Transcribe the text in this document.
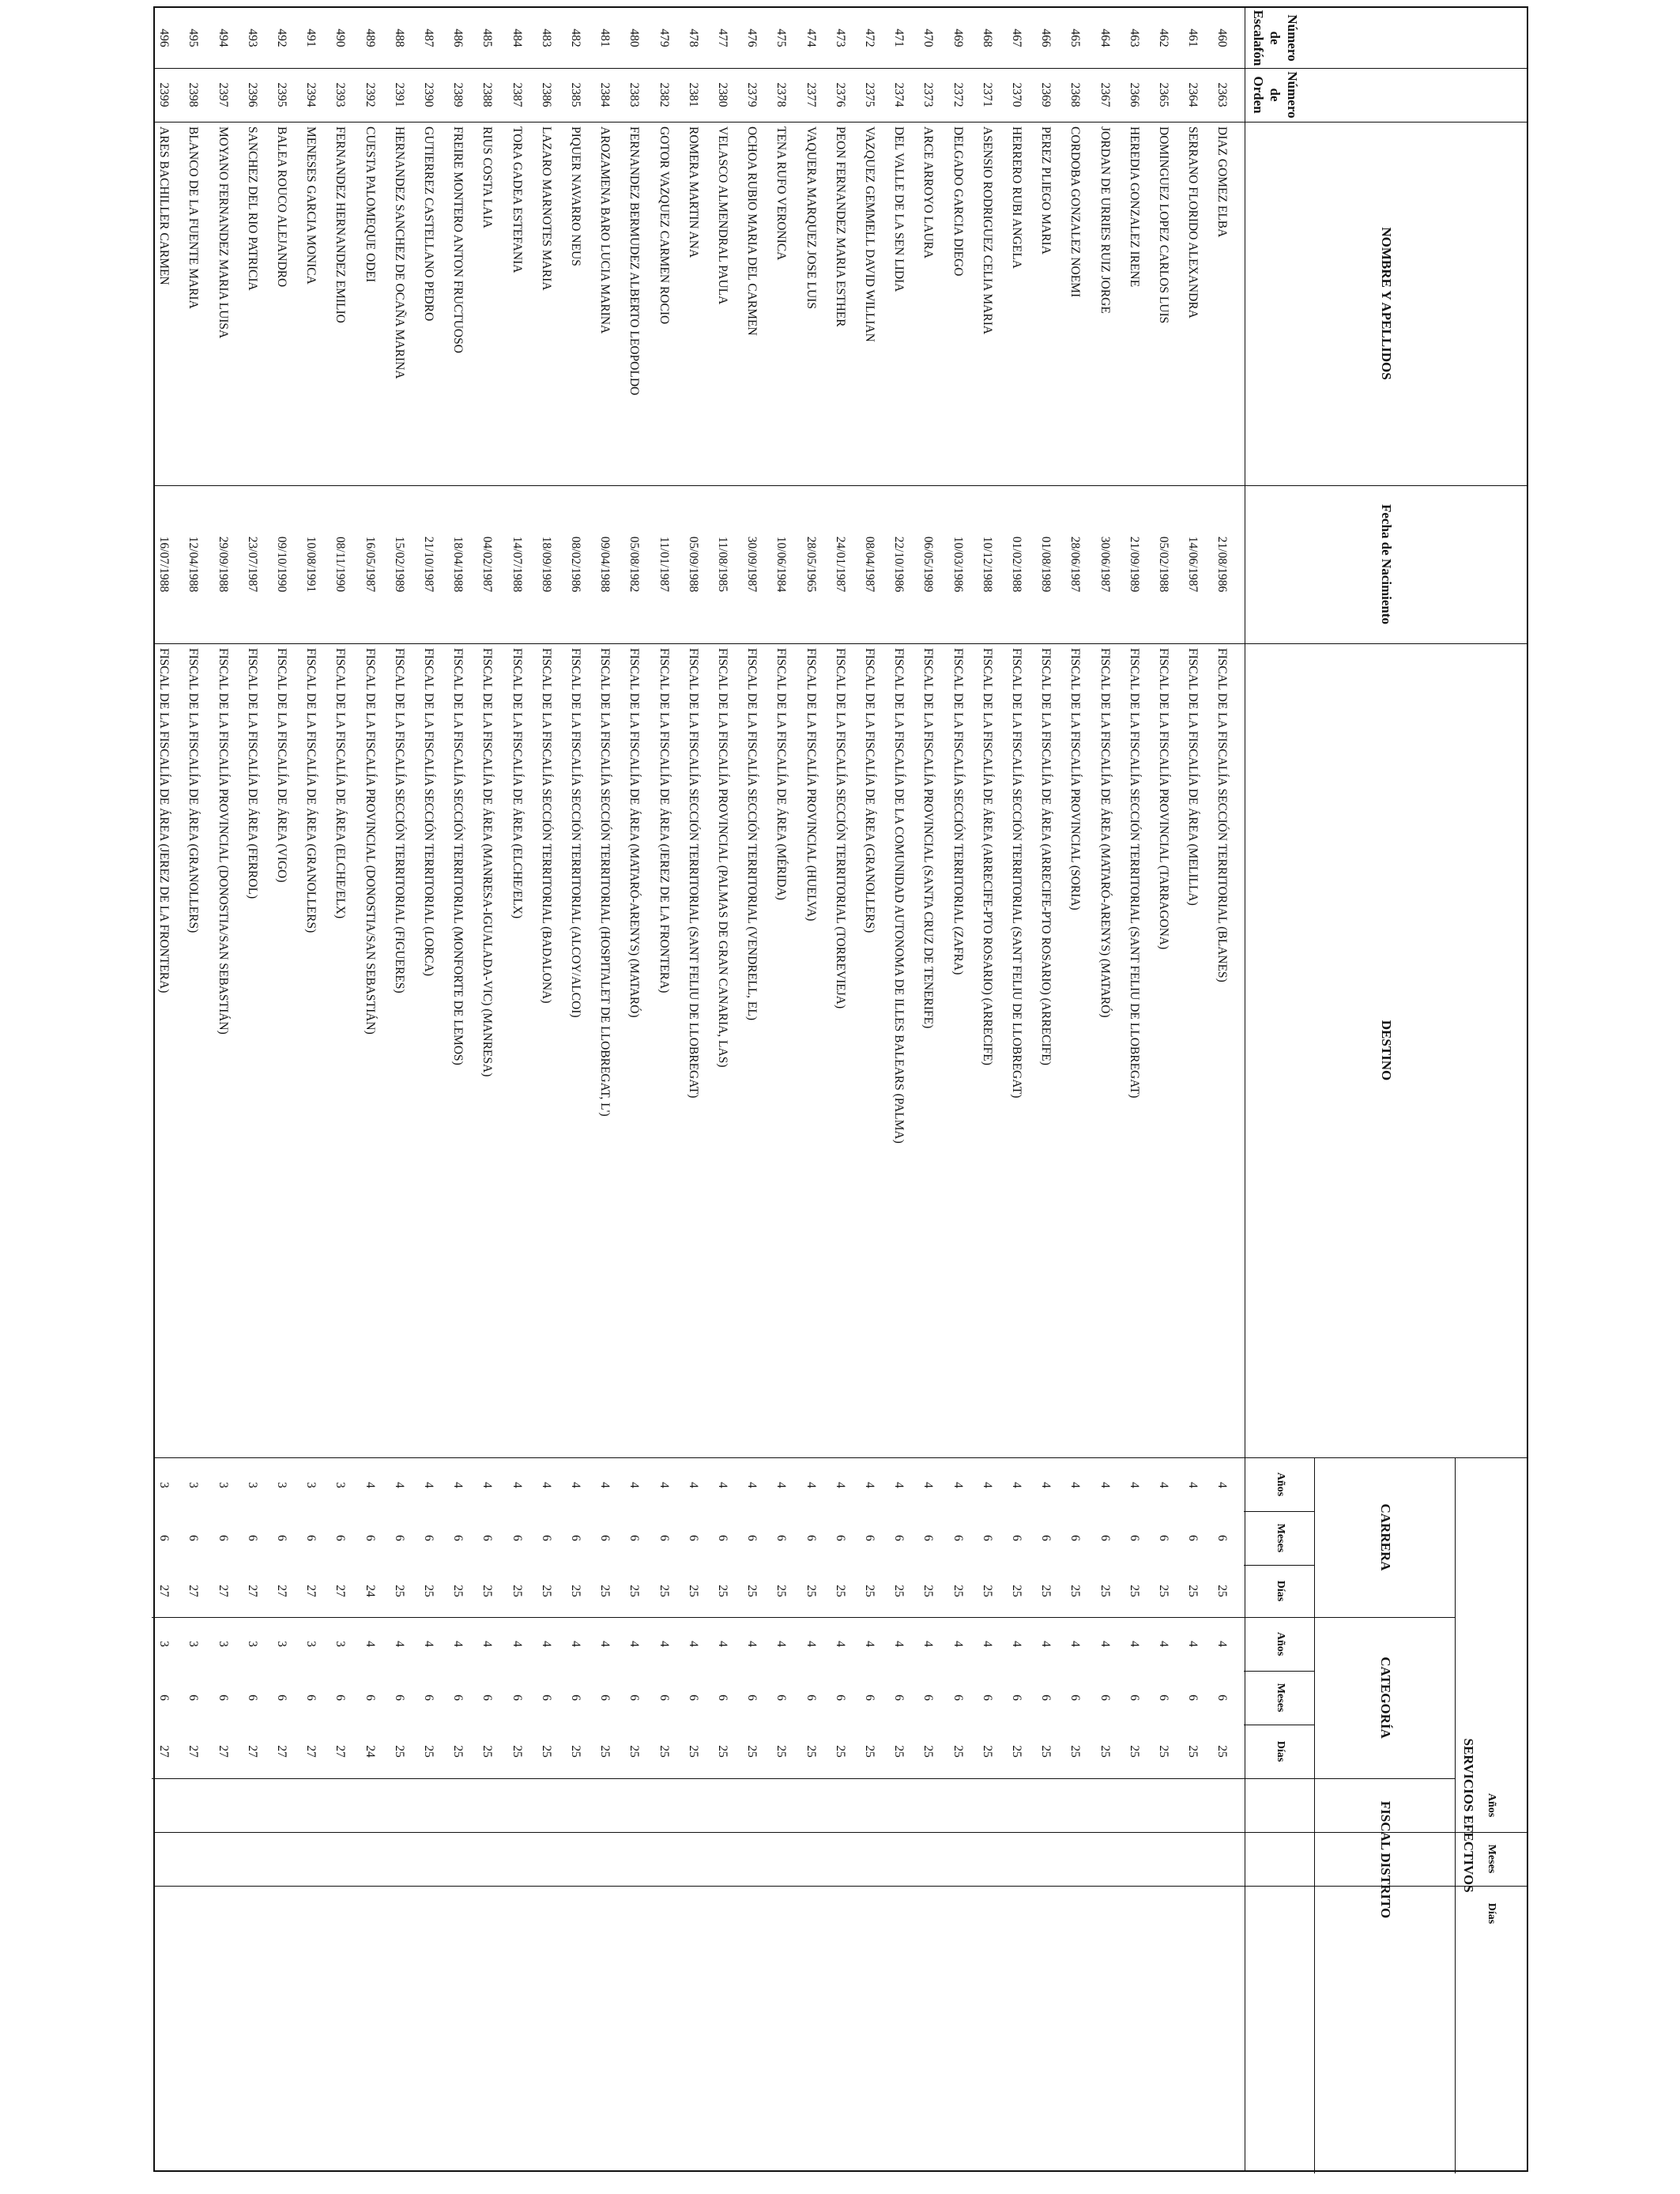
Número
de
Escalafón
Número
de
Orden
NOMBRE Y APELLIDOS
Fecha de Nacimiento
DESTINO
SERVICIOS EFECTIVOS
CARRERA
CATEGORÍA
FISCAL DISTRITO
Años
Meses
Días
Años
Meses
Días
Años
Meses
Días
460
2363
DIAZ GOMEZ ELBA
21/08/1986
FISCAL DE LA FISCALÍA SECCIÓN TERRITORIAL (BLANES)
4
6
25
4
6
25
461
2364
SERRANO FLORIDO ALEXANDRA
14/06/1987
FISCAL DE LA FISCALÍA DE ÁREA (MELILLA)
4
6
25
4
6
25
462
2365
DOMINGUEZ LOPEZ CARLOS LUIS
05/02/1988
FISCAL DE LA FISCALÍA PROVINCIAL (TARRAGONA)
4
6
25
4
6
25
463
2366
HEREDIA GONZALEZ IRENE
21/09/1989
FISCAL DE LA FISCALÍA SECCIÓN TERRITORIAL (SANT FELIU DE LLOBREGAT)
4
6
25
4
6
25
464
2367
JORDAN DE URRIES RUIZ JORGE
30/06/1987
FISCAL DE LA FISCALÍA DE ÁREA (MATARÓ-ARENYS) (MATARÓ)
4
6
25
4
6
25
465
2368
CORDOBA GONZALEZ NOEMI
28/06/1987
FISCAL DE LA FISCALÍA PROVINCIAL (SORIA)
4
6
25
4
6
25
466
2369
PEREZ PLIEGO MARIA
01/08/1989
FISCAL DE LA FISCALÍA DE ÁREA (ARRECIFE-PTO ROSARIO) (ARRECIFE)
4
6
25
4
6
25
467
2370
HERRERO RUBI ANGELA
01/02/1988
FISCAL DE LA FISCALÍA SECCIÓN TERRITORIAL (SANT FELIU DE LLOBREGAT)
4
6
25
4
6
25
468
2371
ASENSIO RODRIGUEZ CELIA MARIA
10/12/1988
FISCAL DE LA FISCALÍA DE ÁREA (ARRECIFE-PTO ROSARIO) (ARRECIFE)
4
6
25
4
6
25
469
2372
DELGADO GARCIA DIEGO
10/03/1986
FISCAL DE LA FISCALÍA SECCIÓN TERRITORIAL (ZAFRA)
4
6
25
4
6
25
470
2373
ARCE ARROYO LAURA
06/05/1989
FISCAL DE LA FISCALÍA PROVINCIAL (SANTA CRUZ DE TENERIFE)
4
6
25
4
6
25
471
2374
DEL VALLE DE LA SEN LIDIA
22/10/1986
FISCAL DE LA FISCALÍA DE LA COMUNIDAD AUTONOMA DE ILLES BALEARS (PALMA)
4
6
25
4
6
25
472
2375
VAZQUEZ GEMMELL DAVID WILLIAN
08/04/1987
FISCAL DE LA FISCALÍA DE ÁREA (GRANOLLERS)
4
6
25
4
6
25
473
2376
PEON FERNANDEZ MARIA ESTHER
24/01/1987
FISCAL DE LA FISCALÍA SECCIÓN TERRITORIAL (TORREVIEJA)
4
6
25
4
6
25
474
2377
VAQUERA MARQUEZ JOSE LUIS
28/05/1965
FISCAL DE LA FISCALÍA PROVINCIAL (HUELVA)
4
6
25
4
6
25
475
2378
TENA RUFO VERONICA
10/06/1984
FISCAL DE LA FISCALÍA DE ÁREA (MÉRIDA)
4
6
25
4
6
25
476
2379
OCHOA RUBIO MARIA DEL CARMEN
30/09/1987
FISCAL DE LA FISCALÍA SECCIÓN TERRITORIAL (VENDRELL, EL)
4
6
25
4
6
25
477
2380
VELASCO ALMENDRAL PAULA
11/08/1985
FISCAL DE LA FISCALÍA PROVINCIAL (PALMAS DE GRAN CANARIA, LAS)
4
6
25
4
6
25
478
2381
ROMERA MARTIN ANA
05/09/1988
FISCAL DE LA FISCALÍA SECCIÓN TERRITORIAL (SANT FELIU DE LLOBREGAT)
4
6
25
4
6
25
479
2382
GOTOR VAZQUEZ CARMEN ROCIO
11/01/1987
FISCAL DE LA FISCALÍA DE ÁREA (JEREZ DE LA FRONTERA)
4
6
25
4
6
25
480
2383
FERNANDEZ BERMUDEZ ALBERTO LEOPOLDO
05/08/1982
FISCAL DE LA FISCALÍA DE ÁREA (MATARÓ-ARENYS) (MATARÓ)
4
6
25
4
6
25
481
2384
AROZAMENA BARO LUCIA MARINA
09/04/1988
FISCAL DE LA FISCALÍA SECCIÓN TERRITORIAL (HOSPITALET DE LLOBREGAT, L')
4
6
25
4
6
25
482
2385
PIQUER NAVARRO NEUS
08/02/1986
FISCAL DE LA FISCALÍA SECCIÓN TERRITORIAL (ALCOY/ALCOI)
4
6
25
4
6
25
483
2386
LAZARO MARNOTES MARIA
18/09/1989
FISCAL DE LA FISCALÍA SECCIÓN TERRITORIAL (BADALONA)
4
6
25
4
6
25
484
2387
TORA GADEA ESTEFANIA
14/07/1988
FISCAL DE LA FISCALÍA DE ÁREA (ELCHE/ELX)
4
6
25
4
6
25
485
2388
RIUS COSTA LAIA
04/02/1987
FISCAL DE LA FISCALÍA DE ÁREA (MANRESA-IGUALADA-VIC) (MANRESA)
4
6
25
4
6
25
486
2389
FREIRE MONTERO ANTON FRUCTUOSO
18/04/1988
FISCAL DE LA FISCALÍA SECCIÓN TERRITORIAL (MONFORTE DE LEMOS)
4
6
25
4
6
25
487
2390
GUTIERREZ CASTELLANO PEDRO
21/10/1987
FISCAL DE LA FISCALÍA SECCIÓN TERRITORIAL (LORCA)
4
6
25
4
6
25
488
2391
HERNANDEZ SANCHEZ DE OCAÑA MARINA
15/02/1989
FISCAL DE LA FISCALÍA SECCIÓN TERRITORIAL (FIGUERES)
4
6
25
4
6
25
489
2392
CUESTA PALOMEQUE ODEI
16/05/1987
FISCAL DE LA FISCALÍA PROVINCIAL (DONOSTIA/SAN SEBASTIÁN)
4
6
24
4
6
24
490
2393
FERNANDEZ HERNANDEZ EMILIO
08/11/1990
FISCAL DE LA FISCALÍA DE ÁREA (ELCHE/ELX)
3
6
27
3
6
27
491
2394
MENESES GARCIA MONICA
10/08/1991
FISCAL DE LA FISCALÍA DE ÁREA (GRANOLLERS)
3
6
27
3
6
27
492
2395
BALEA ROUCO ALEJANDRO
09/10/1990
FISCAL DE LA FISCALÍA DE ÁREA (VIGO)
3
6
27
3
6
27
493
2396
SANCHEZ DEL RIO PATRICIA
23/07/1987
FISCAL DE LA FISCALÍA DE ÁREA (FERROL)
3
6
27
3
6
27
494
2397
MOYANO FERNANDEZ MARIA LUISA
29/09/1988
FISCAL DE LA FISCALÍA PROVINCIAL (DONOSTIA/SAN SEBASTIÁN)
3
6
27
3
6
27
495
2398
BLANCO DE LA FUENTE MARIA
12/04/1988
FISCAL DE LA FISCALÍA DE ÁREA (GRANOLLERS)
3
6
27
3
6
27
496
2399
ARES BACHILLER CARMEN
16/07/1988
FISCAL DE LA FISCALÍA DE ÁREA (JEREZ DE LA FRONTERA)
3
6
27
3
6
27
